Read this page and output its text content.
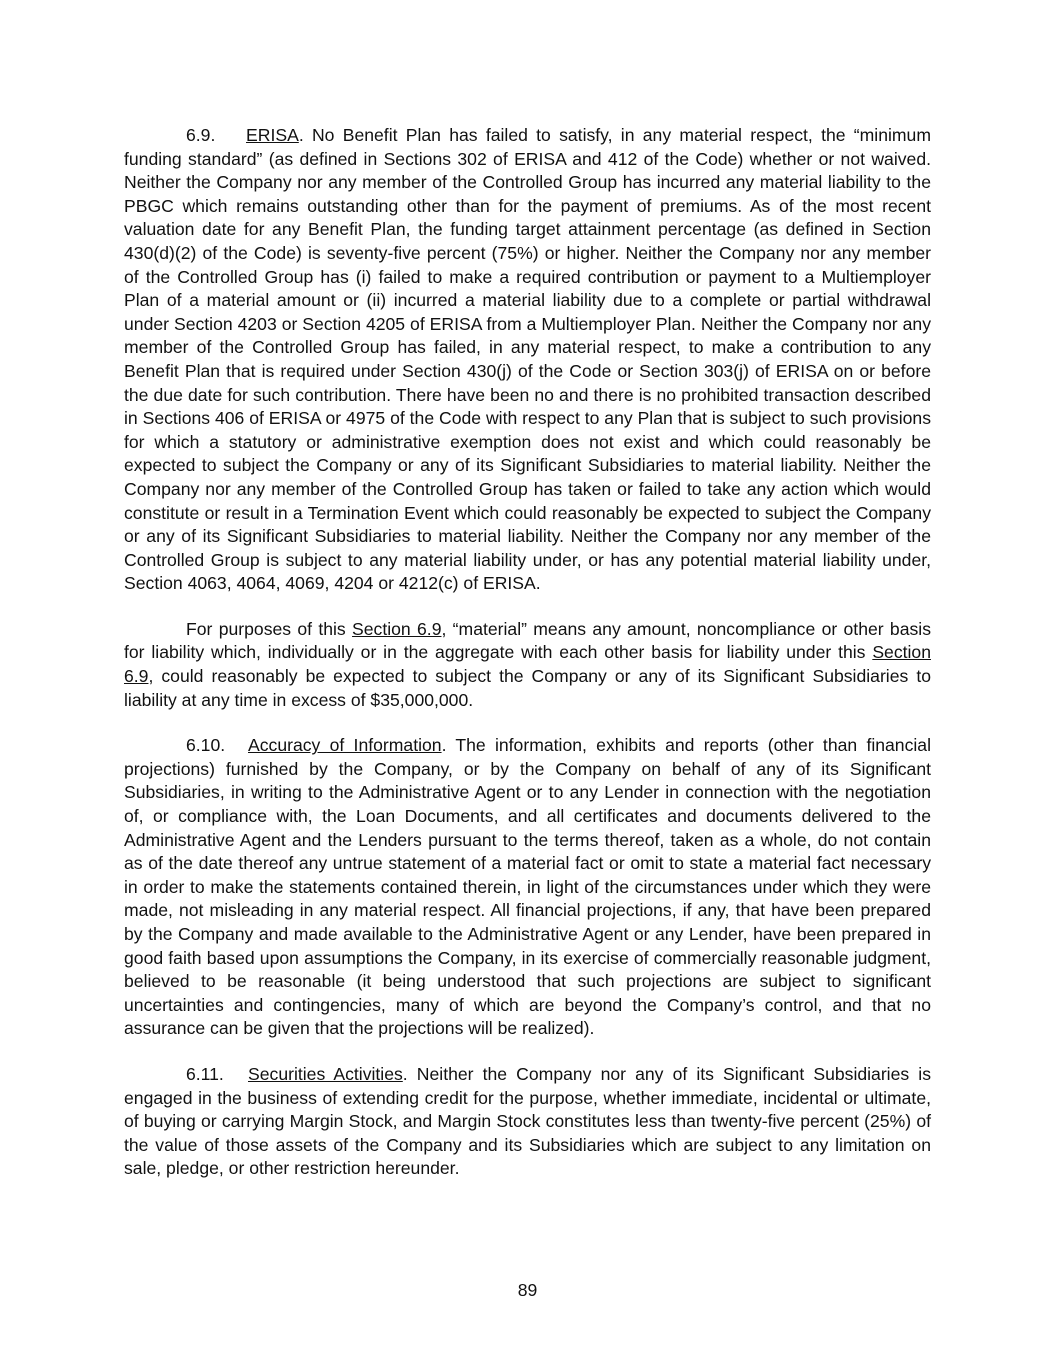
6.9. ERISA. No Benefit Plan has failed to satisfy, in any material respect, the “minimum funding standard” (as defined in Sections 302 of ERISA and 412 of the Code) whether or not waived. Neither the Company nor any member of the Controlled Group has incurred any material liability to the PBGC which remains outstanding other than for the payment of premiums. As of the most recent valuation date for any Benefit Plan, the funding target attainment percentage (as defined in Section 430(d)(2) of the Code) is seventy-five percent (75%) or higher. Neither the Company nor any member of the Controlled Group has (i) failed to make a required contribution or payment to a Multiemployer Plan of a material amount or (ii) incurred a material liability due to a complete or partial withdrawal under Section 4203 or Section 4205 of ERISA from a Multiemployer Plan. Neither the Company nor any member of the Controlled Group has failed, in any material respect, to make a contribution to any Benefit Plan that is required under Section 430(j) of the Code or Section 303(j) of ERISA on or before the due date for such contribution. There have been no and there is no prohibited transaction described in Sections 406 of ERISA or 4975 of the Code with respect to any Plan that is subject to such provisions for which a statutory or administrative exemption does not exist and which could reasonably be expected to subject the Company or any of its Significant Subsidiaries to material liability. Neither the Company nor any member of the Controlled Group has taken or failed to take any action which would constitute or result in a Termination Event which could reasonably be expected to subject the Company or any of its Significant Subsidiaries to material liability. Neither the Company nor any member of the Controlled Group is subject to any material liability under, or has any potential material liability under, Section 4063, 4064, 4069, 4204 or 4212(c) of ERISA.

For purposes of this Section 6.9, “material” means any amount, noncompliance or other basis for liability which, individually or in the aggregate with each other basis for liability under this Section 6.9, could reasonably be expected to subject the Company or any of its Significant Subsidiaries to liability at any time in excess of $35,000,000.

6.10. Accuracy of Information. The information, exhibits and reports (other than financial projections) furnished by the Company, or by the Company on behalf of any of its Significant Subsidiaries, in writing to the Administrative Agent or to any Lender in connection with the negotiation of, or compliance with, the Loan Documents, and all certificates and documents delivered to the Administrative Agent and the Lenders pursuant to the terms thereof, taken as a whole, do not contain as of the date thereof any untrue statement of a material fact or omit to state a material fact necessary in order to make the statements contained therein, in light of the circumstances under which they were made, not misleading in any material respect. All financial projections, if any, that have been prepared by the Company and made available to the Administrative Agent or any Lender, have been prepared in good faith based upon assumptions the Company, in its exercise of commercially reasonable judgment, believed to be reasonable (it being understood that such projections are subject to significant uncertainties and contingencies, many of which are beyond the Company’s control, and that no assurance can be given that the projections will be realized).

6.11. Securities Activities. Neither the Company nor any of its Significant Subsidiaries is engaged in the business of extending credit for the purpose, whether immediate, incidental or ultimate, of buying or carrying Margin Stock, and Margin Stock constitutes less than twenty-five percent (25%) of the value of those assets of the Company and its Subsidiaries which are subject to any limitation on sale, pledge, or other restriction hereunder.

89
